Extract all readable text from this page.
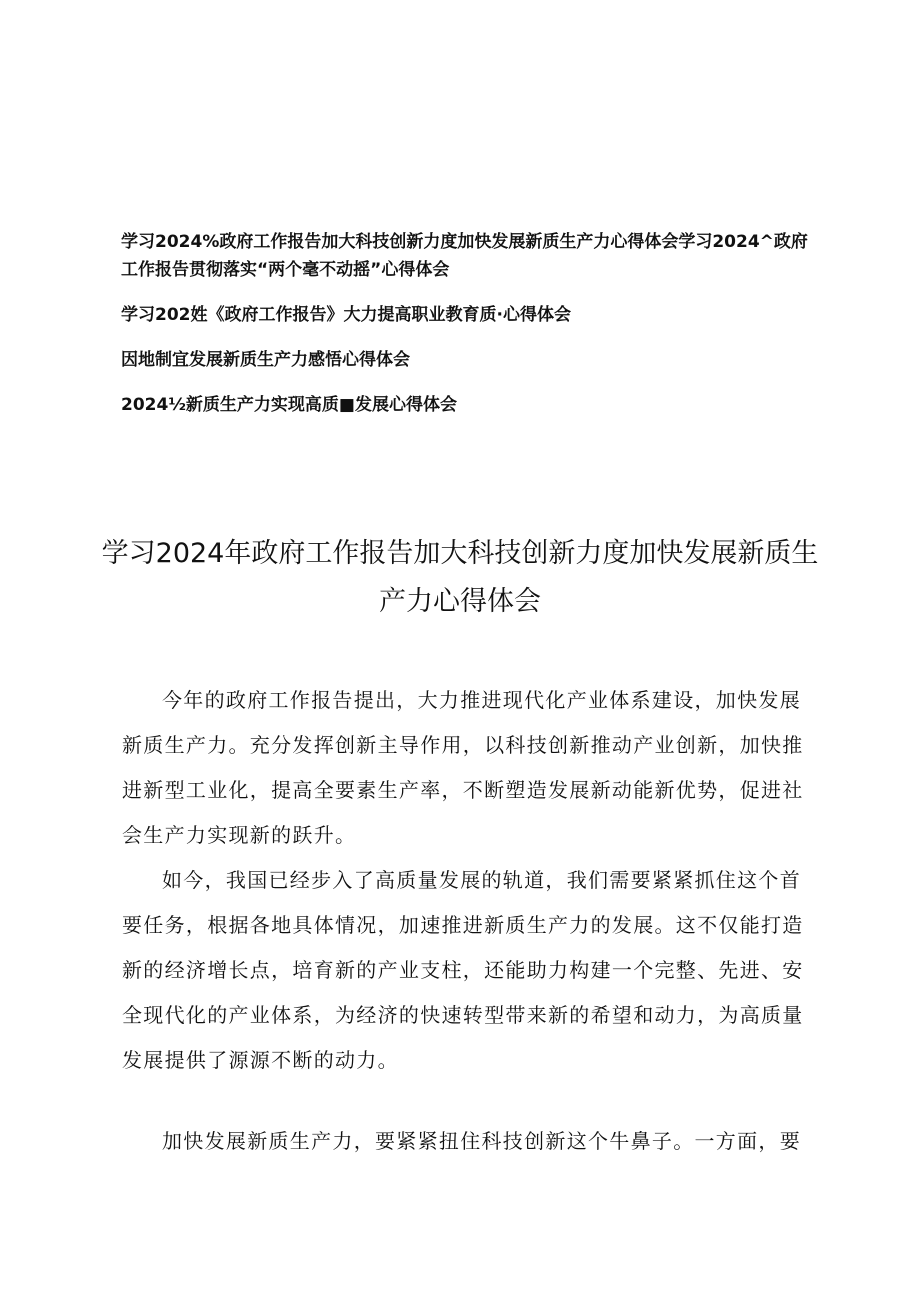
学习2024%政府工作报告加大科技创新力度加快发展新质生产力心得体会学习2024^政府工作报告贯彻落实“两个毫不动摇”心得体会
学习202姓《政府工作报告》大力提高职业教育质·心得体会
因地制宜发展新质生产力感悟心得体会
2024½新质生产力实现高质■发展心得体会
学习2024年政府工作报告加大科技创新力度加快发展新质生产力心得体会

今年的政府工作报告提出，大力推进现代化产业体系建设，加快发展新质生产力。充分发挥创新主导作用，以科技创新推动产业创新，加快推进新型工业化，提高全要素生产率，不断塑造发展新动能新优势，促进社会生产力实现新的跃升。

如今，我国已经步入了高质量发展的轨道，我们需要紧紧抓住这个首要任务，根据各地具体情况，加速推进新质生产力的发展。这不仅能打造新的经济增长点，培育新的产业支柱，还能助力构建一个完整、先进、安全现代化的产业体系，为经济的快速转型带来新的希望和动力，为高质量发展提供了源源不断的动力。

加快发展新质生产力，要紧紧扭住科技创新这个牛鼻子。一方面，要
